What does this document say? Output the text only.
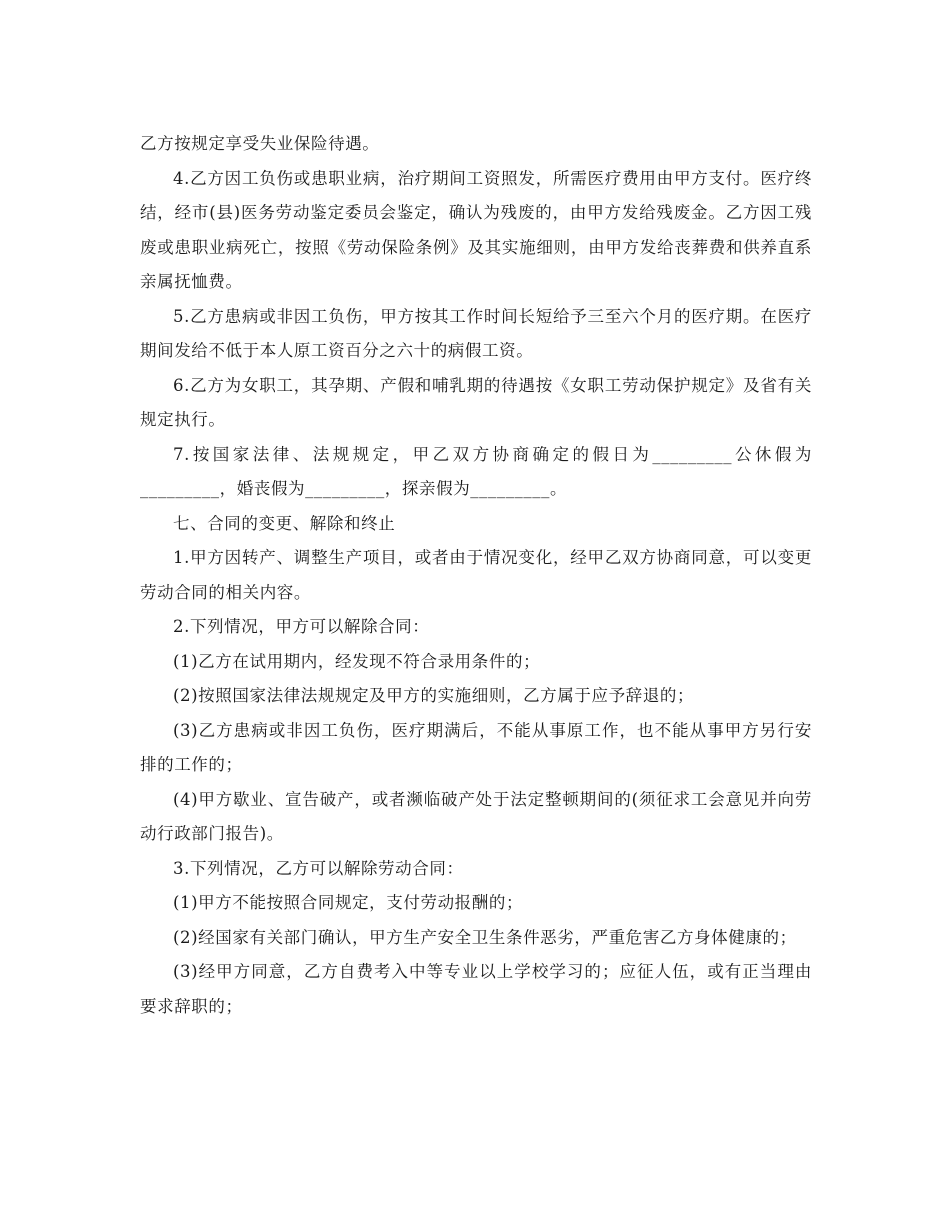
乙方按规定享受失业保险待遇。

4.乙方因工负伤或患职业病，治疗期间工资照发，所需医疗费用由甲方支付。医疗终结，经市(县)医务劳动鉴定委员会鉴定，确认为残废的，由甲方发给残废金。乙方因工残废或患职业病死亡，按照《劳动保险条例》及其实施细则，由甲方发给丧葬费和供养直系亲属抚恤费。

5.乙方患病或非因工负伤，甲方按其工作时间长短给予三至六个月的医疗期。在医疗期间发给不低于本人原工资百分之六十的病假工资。

6.乙方为女职工，其孕期、产假和哺乳期的待遇按《女职工劳动保护规定》及省有关规定执行。

7.按国家法律、法规规定，甲乙双方协商确定的假日为_________公休假为_________，婚丧假为_________，探亲假为_________。

七、合同的变更、解除和终止

1.甲方因转产、调整生产项目，或者由于情况变化，经甲乙双方协商同意，可以变更劳动合同的相关内容。

2.下列情况，甲方可以解除合同：

(1)乙方在试用期内，经发现不符合录用条件的；

(2)按照国家法律法规规定及甲方的实施细则，乙方属于应予辞退的；

(3)乙方患病或非因工负伤，医疗期满后，不能从事原工作，也不能从事甲方另行安排的工作的；

(4)甲方歇业、宣告破产，或者濒临破产处于法定整顿期间的(须征求工会意见并向劳动行政部门报告)。

3.下列情况，乙方可以解除劳动合同：

(1)甲方不能按照合同规定，支付劳动报酬的；

(2)经国家有关部门确认，甲方生产安全卫生条件恶劣，严重危害乙方身体健康的；

(3)经甲方同意，乙方自费考入中等专业以上学校学习的；应征人伍，或有正当理由要求辞职的；
